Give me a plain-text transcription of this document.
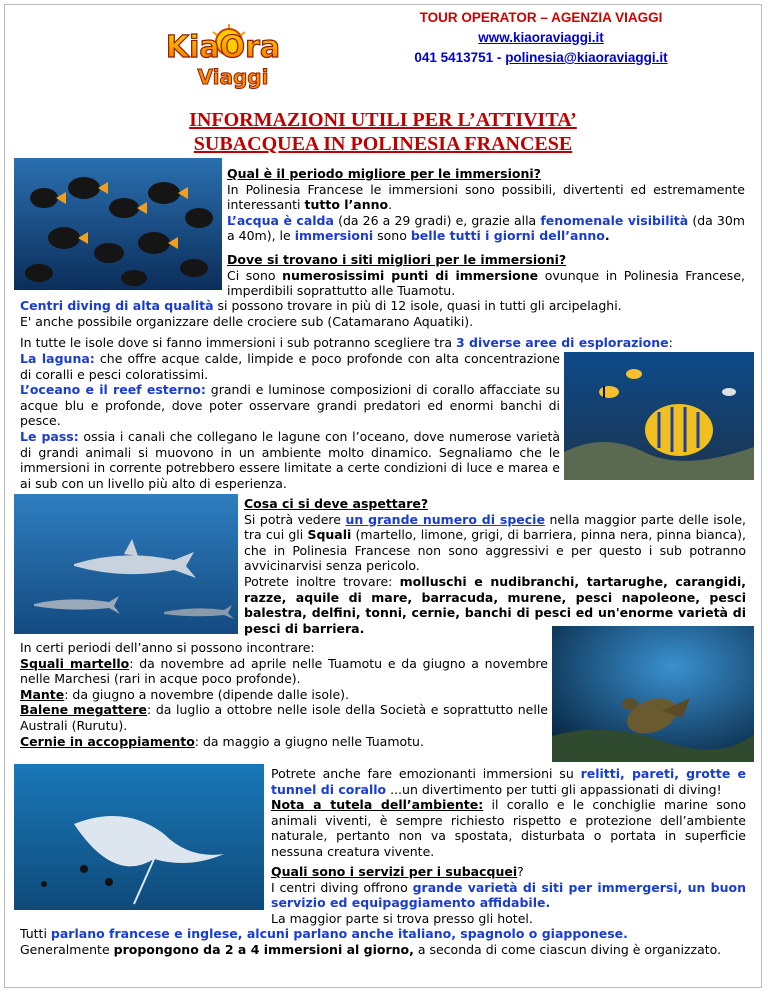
KiaOra
Viaggi
TOUR OPERATOR – AGENZIA VIAGGI
www.kiaoraviaggi.it
041 5413751 - polinesia@kiaoraviaggi.it
INFORMAZIONI UTILI PER L’ATTIVITA’
SUBACQUEA IN POLINESIA FRANCESE
Qual è il periodo migliore per le immersioni?
In Polinesia Francese le immersioni sono possibili, divertenti ed estremamente interessanti tutto l’anno.
L’acqua è calda (da 26 a 29 gradi) e, grazie alla fenomenale visibilità (da 30m a 40m), le immersioni sono belle tutti i giorni dell’anno.
Dove si trovano i siti migliori per le immersioni?
Ci sono numerosissimi punti di immersione ovunque in Polinesia Francese, imperdibili soprattutto alle Tuamotu.
Centri diving di alta qualità si possono trovare in più di 12 isole, quasi in tutti gli arcipelaghi.
E' anche possibile organizzare delle crociere sub (Catamarano Aquatiki).
In tutte le isole dove si fanno immersioni i sub potranno scegliere tra 3 diverse aree di esplorazione:
La laguna: che offre acque calde, limpide e poco profonde con alta concentrazione di coralli e pesci coloratissimi.
L’oceano e il reef esterno: grandi e luminose composizioni di corallo affacciate su acque blu e profonde, dove poter osservare grandi predatori ed enormi banchi di pesce.
Le pass: ossia i canali che collegano le lagune con l’oceano, dove numerose varietà di grandi animali si muovono in un ambiente molto dinamico. Segnaliamo che le immersioni in corrente potrebbero essere limitate a certe condizioni di luce e marea e ai sub con un livello più alto di esperienza.
Cosa ci si deve aspettare?
Si potrà vedere un grande numero di specie nella maggior parte delle isole, tra cui gli Squali (martello, limone, grigi, di barriera, pinna nera, pinna bianca), che in Polinesia Francese non sono aggressivi e per questo i sub potranno avvicinarvisi senza pericolo.
Potrete inoltre trovare: molluschi e nudibranchi, tartarughe, carangidi, razze, aquile di mare, barracuda, murene, pesci napoleone, pesci balestra, delfini, tonni, cernie, banchi di pesci ed un'enorme varietà di pesci di barriera.
In certi periodi dell’anno si possono incontrare:
Squali martello: da novembre ad aprile nelle Tuamotu e da giugno a novembre nelle Marchesi (rari in acque poco profonde).
Mante: da giugno a novembre (dipende dalle isole).
Balene megattere: da luglio a ottobre nelle isole della Società e soprattutto nelle Australi (Rurutu).
Cernie in accoppiamento: da maggio a giugno nelle Tuamotu.
Potrete anche fare emozionanti immersioni su relitti, pareti, grotte e tunnel di corallo ...un divertimento per tutti gli appassionati di diving!
Nota a tutela dell’ambiente: il corallo e le conchiglie marine sono animali viventi, è sempre richiesto rispetto e protezione dell’ambiente naturale, pertanto non va spostata, disturbata o portata in superficie nessuna creatura vivente.
Quali sono i servizi per i subacquei?
I centri diving offrono grande varietà di siti per immergersi, un buon servizio ed equipaggiamento affidabile.
La maggior parte si trova presso gli hotel.
Tutti parlano francese e inglese, alcuni parlano anche italiano, spagnolo o giapponese.
Generalmente propongono da 2 a 4 immersioni al giorno, a seconda di come ciascun diving è organizzato.
